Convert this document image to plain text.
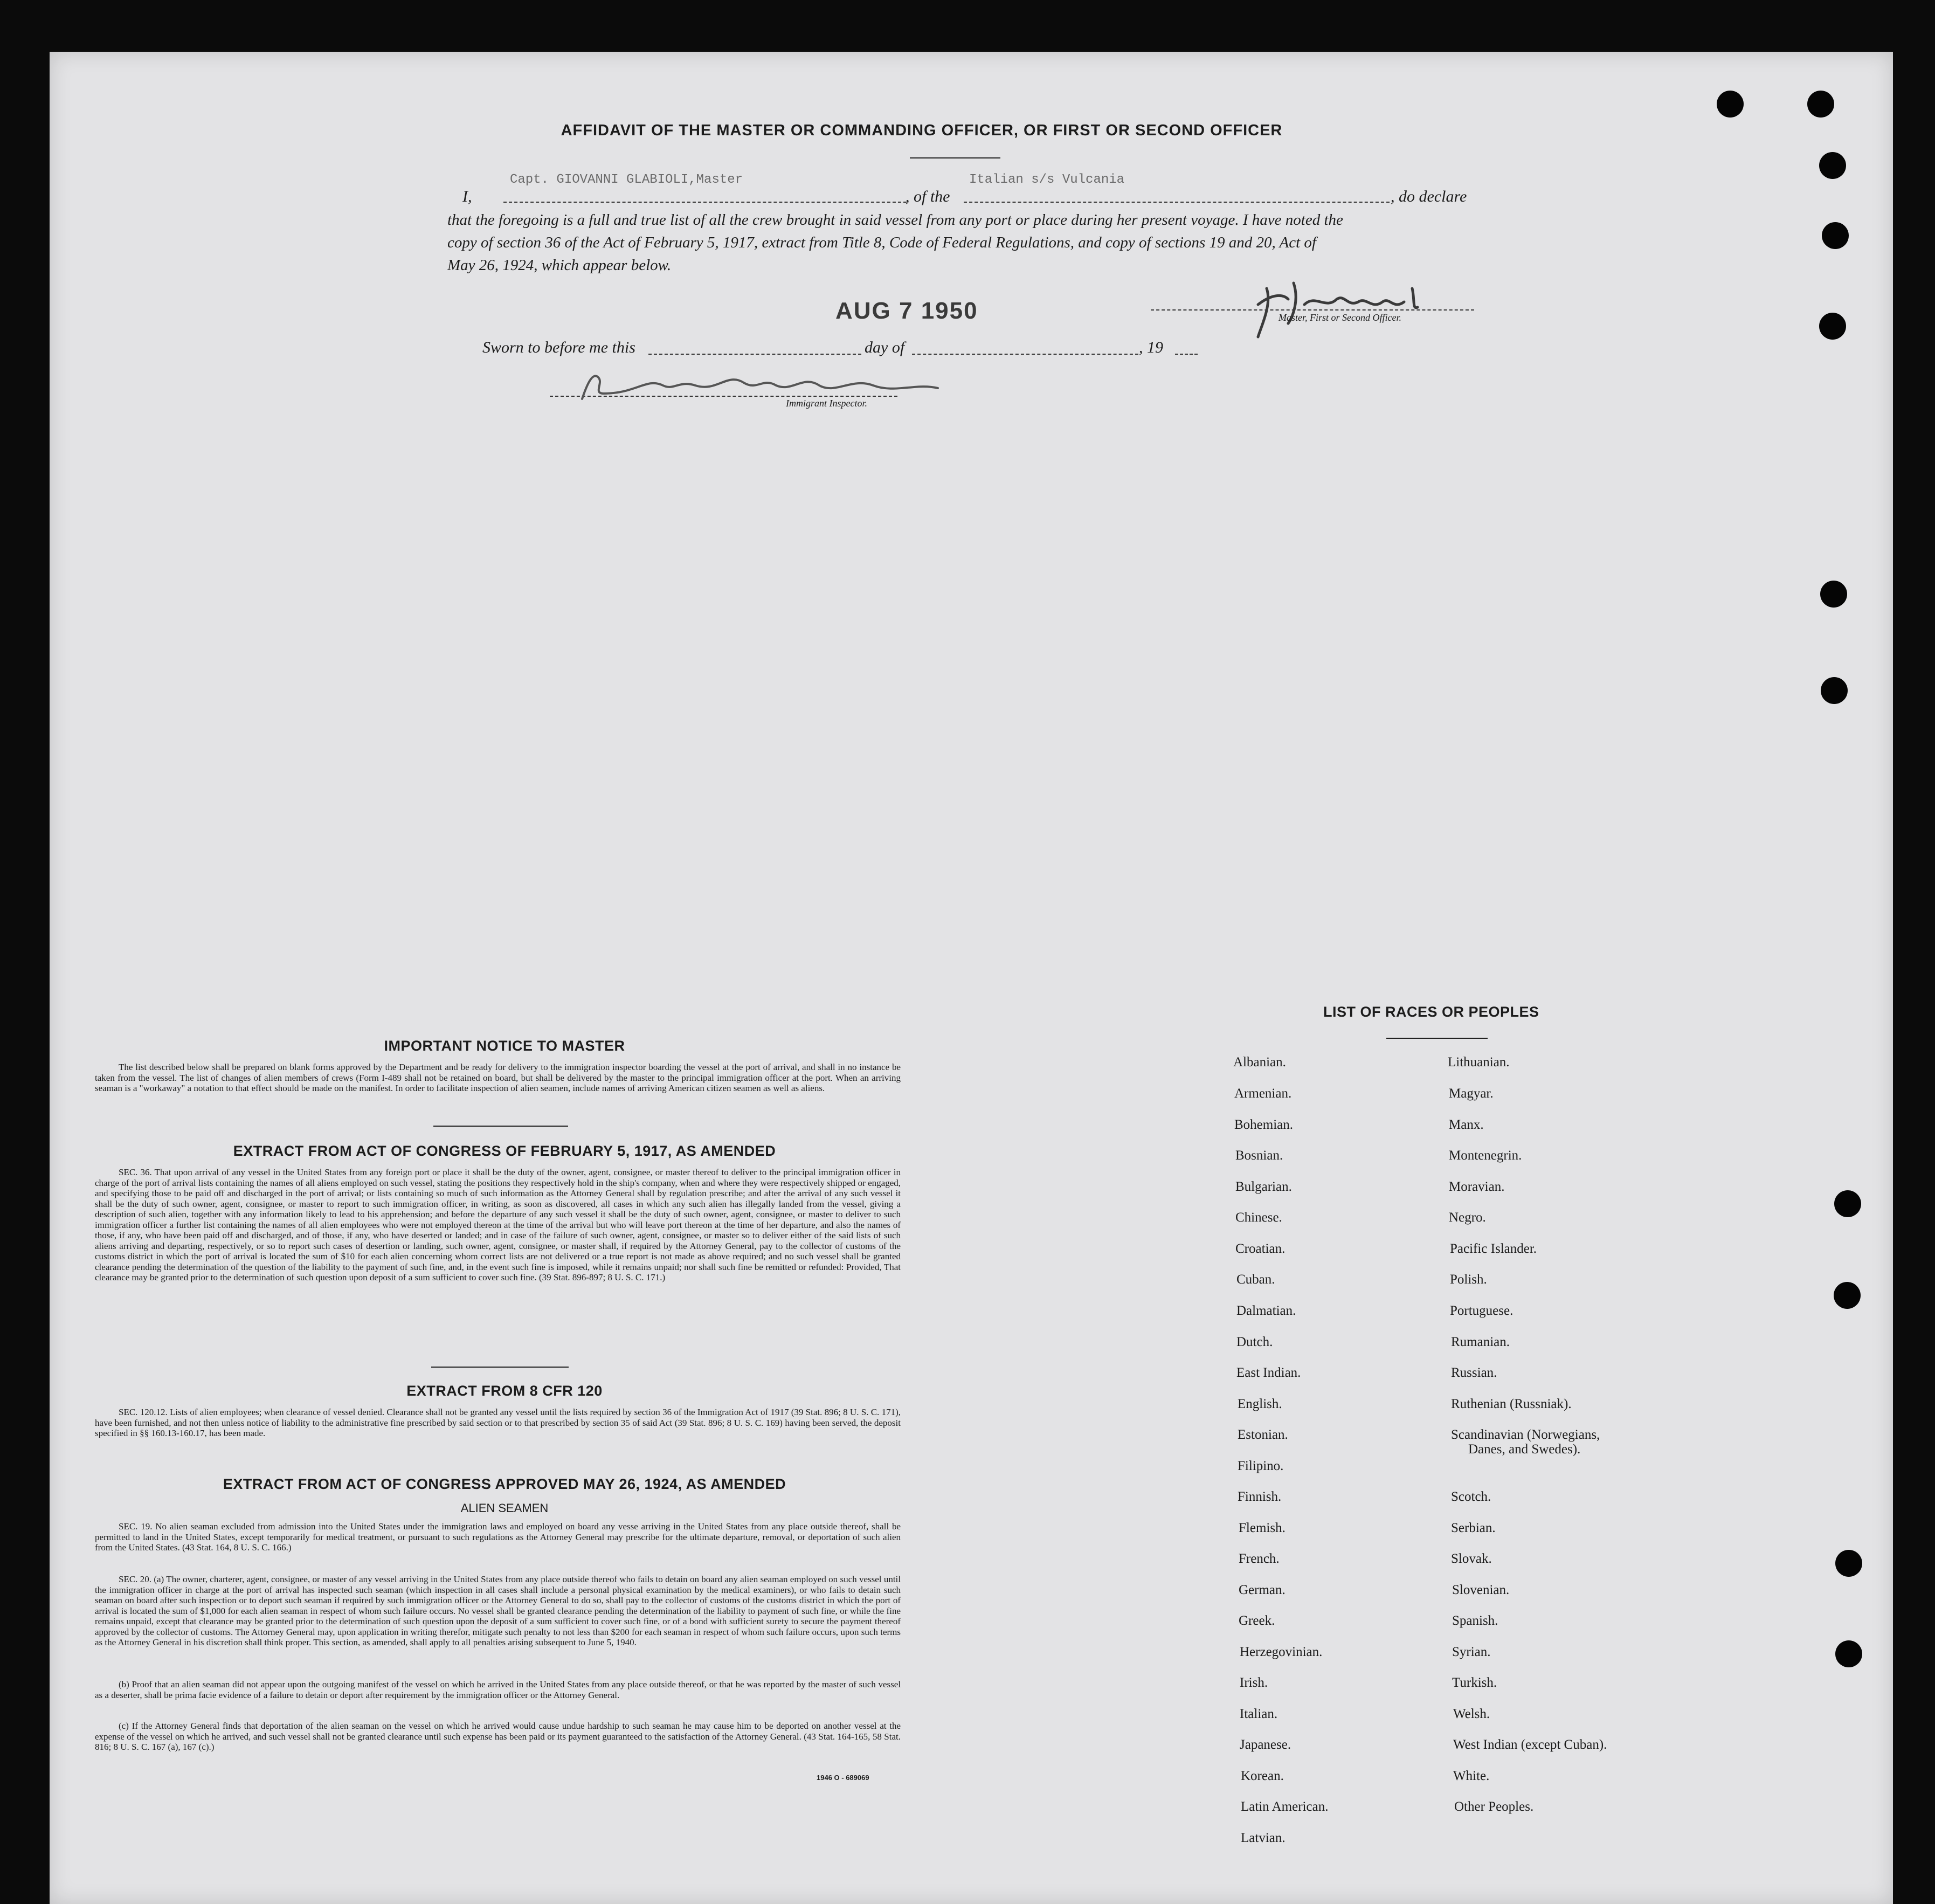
AFFIDAVIT OF THE MASTER OR COMMANDING OFFICER, OR FIRST OR SECOND OFFICER
Capt. GIOVANNI GLABIOLI,Master	Italian s/s Vulcania
I,	, of the	, do declare
that the foregoing is a full and true list of all the crew brought in said vessel from any port or place during her present voyage. I have noted the
copy of section 36 of the Act of February 5, 1917, extract from Title 8, Code of Federal Regulations, and copy of sections 19 and 20, Act of
May 26, 1924, which appear below.
AUG 7 1950	Master, First or Second Officer.
Sworn to before me this	day of	, 19
Immigrant Inspector.
IMPORTANT NOTICE TO MASTER
The list described below shall be prepared on blank forms approved by the Department and be ready for delivery to the immigration inspector boarding the vessel at the port of arrival, and shall in no instance be taken from the vessel. The list of changes of alien members of crews (Form I-489 shall not be retained on board, but shall be delivered by the master to the principal immigration officer at the port. When an arriving seaman is a "workaway" a notation to that effect should be made on the manifest. In order to facilitate inspection of alien seamen, include names of arriving American citizen seamen as well as aliens.
EXTRACT FROM ACT OF CONGRESS OF FEBRUARY 5, 1917, AS AMENDED
SEC. 36. That upon arrival of any vessel in the United States from any foreign port or place it shall be the duty of the owner, agent, consignee, or master thereof to deliver to the principal immigration officer in charge of the port of arrival lists containing the names of all aliens employed on such vessel, stating the positions they respectively hold in the ship's company, when and where they were respectively shipped or engaged, and specifying those to be paid off and discharged in the port of arrival; or lists containing so much of such information as the Attorney General shall by regulation prescribe; and after the arrival of any such vessel it shall be the duty of such owner, agent, consignee, or master to report to such immigration officer, in writing, as soon as discovered, all cases in which any such alien has illegally landed from the vessel, giving a description of such alien, together with any information likely to lead to his apprehension; and before the departure of any such vessel it shall be the duty of such owner, agent, consignee, or master to deliver to such immigration officer a further list containing the names of all alien employees who were not employed thereon at the time of the arrival but who will leave port thereon at the time of her departure, and also the names of those, if any, who have been paid off and discharged, and of those, if any, who have deserted or landed; and in case of the failure of such owner, agent, consignee, or master so to deliver either of the said lists of such aliens arriving and departing, respectively, or so to report such cases of desertion or landing, such owner, agent, consignee, or master shall, if required by the Attorney General, pay to the collector of customs of the customs district in which the port of arrival is located the sum of $10 for each alien concerning whom correct lists are not delivered or a true report is not made as above required; and no such vessel shall be granted clearance pending the determination of the question of the liability to the payment of such fine, and, in the event such fine is imposed, while it remains unpaid; nor shall such fine be remitted or refunded: Provided, That clearance may be granted prior to the determination of such question upon deposit of a sum sufficient to cover such fine. (39 Stat. 896-897; 8 U. S. C. 171.)
EXTRACT FROM 8 CFR 120
SEC. 120.12. Lists of alien employees; when clearance of vessel denied. Clearance shall not be granted any vessel until the lists required by section 36 of the Immigration Act of 1917 (39 Stat. 896; 8 U. S. C. 171), have been furnished, and not then unless notice of liability to the administrative fine prescribed by said section or to that prescribed by section 35 of said Act (39 Stat. 896; 8 U. S. C. 169) having been served, the deposit specified in §§ 160.13-160.17, has been made.
EXTRACT FROM ACT OF CONGRESS APPROVED MAY 26, 1924, AS AMENDED
ALIEN SEAMEN
SEC. 19. No alien seaman excluded from admission into the United States under the immigration laws and employed on board any vesse arriving in the United States from any place outside thereof, shall be permitted to land in the United States, except temporarily for medical treatment, or pursuant to such regulations as the Attorney General may prescribe for the ultimate departure, removal, or deportation of such alien from the United States. (43 Stat. 164, 8 U. S. C. 166.)
SEC. 20. (a) The owner, charterer, agent, consignee, or master of any vessel arriving in the United States from any place outside thereof who fails to detain on board any alien seaman employed on such vessel until the immigration officer in charge at the port of arrival has inspected such seaman (which inspection in all cases shall include a personal physical examination by the medical examiners), or who fails to detain such seaman on board after such inspection or to deport such seaman if required by such immigration officer or the Attorney General to do so, shall pay to the collector of customs of the customs district in which the port of arrival is located the sum of $1,000 for each alien seaman in respect of whom such failure occurs. No vessel shall be granted clearance pending the determination of the liability to payment of such fine, or while the fine remains unpaid, except that clearance may be granted prior to the determination of such question upon the deposit of a sum sufficient to cover such fine, or of a bond with sufficient surety to secure the payment thereof approved by the collector of customs. The Attorney General may, upon application in writing therefor, mitigate such penalty to not less than $200 for each seaman in respect of whom such failure occurs, upon such terms as the Attorney General in his discretion shall think proper. This section, as amended, shall apply to all penalties arising subsequent to June 5, 1940.
(b) Proof that an alien seaman did not appear upon the outgoing manifest of the vessel on which he arrived in the United States from any place outside thereof, or that he was reported by the master of such vessel as a deserter, shall be prima facie evidence of a failure to detain or deport after requirement by the immigration officer or the Attorney General.
(c) If the Attorney General finds that deportation of the alien seaman on the vessel on which he arrived would cause undue hardship to such seaman he may cause him to be deported on another vessel at the expense of the vessel on which he arrived, and such vessel shall not be granted clearance until such expense has been paid or its payment guaranteed to the satisfaction of the Attorney General. (43 Stat. 164-165, 58 Stat. 816; 8 U. S. C. 167 (a), 167 (c).)
1946 O - 689069
LIST OF RACES OR PEOPLES
Albanian.
Armenian.
Bohemian.
Bosnian.
Bulgarian.
Chinese.
Croatian.
Cuban.
Dalmatian.
Dutch.
East Indian.
English.
Estonian.
Filipino.
Finnish.
Flemish.
French.
German.
Greek.
Herzegovinian.
Irish.
Italian.
Japanese.
Korean.
Latin American.
Latvian.
Lithuanian.
Magyar.
Manx.
Montenegrin.
Moravian.
Negro.
Pacific Islander.
Polish.
Portuguese.
Rumanian.
Russian.
Ruthenian (Russniak).
Scandinavian (Norwegians,
Danes, and Swedes).
Scotch.
Serbian.
Slovak.
Slovenian.
Spanish.
Syrian.
Turkish.
Welsh.
West Indian (except Cuban).
White.
Other Peoples.
